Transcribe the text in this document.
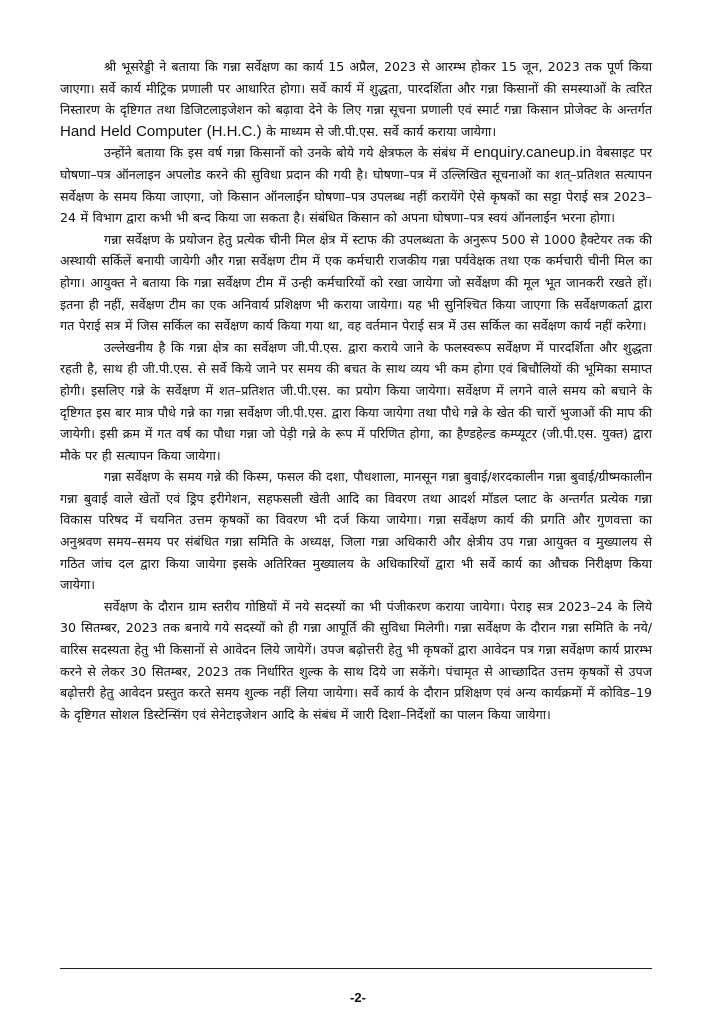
श्री भूसरेड्डी ने बताया कि गन्ना सर्वेक्षण का कार्य 15 अप्रैल, 2023 से आरम्भ होकर 15 जून, 2023 तक पूर्ण किया जाएगा। सर्वे कार्य मीट्रिक प्रणाली पर आधारित होगा। सर्वे कार्य में शुद्धता, पारदर्शिता और गन्ना किसानों की समस्याओं के त्वरित निस्तारण के दृष्टिगत तथा डिजिटलाइजेशन को बढ़ावा देने के लिए गन्ना सूचना प्रणाली एवं स्मार्ट गन्ना किसान प्रोजेक्ट के अन्तर्गत Hand Held Computer (H.H.C.) के माध्यम से जी.पी.एस. सर्वे कार्य कराया जायेगा।

उन्होंने बताया कि इस वर्ष गन्ना किसानों को उनके बोये गये क्षेत्रफल के संबंध में enquiry.caneup.in वेबसाइट पर घोषणा–पत्र ऑनलाइन अपलोड करने की सुविधा प्रदान की गयी है। घोषणा–पत्र में उल्लिखित सूचनाओं का शत्–प्रतिशत सत्यापन सर्वेक्षण के समय किया जाएगा, जो किसान ऑनलाईन घोषणा–पत्र उपलब्ध नहीं करायेंगे ऐसे कृषकों का सट्टा पेराई सत्र 2023–24 में विभाग द्वारा कभी भी बन्द किया जा सकता है। संबंधित किसान को अपना घोषणा–पत्र स्वयं ऑनलाईन भरना होगा।

गन्ना सर्वेक्षण के प्रयोजन हेतु प्रत्येक चीनी मिल क्षेत्र में स्टाफ की उपलब्धता के अनुरूप 500 से 1000 हैक्टेयर तक की अस्थायी सर्किलें बनायी जायेगी और गन्ना सर्वेक्षण टीम में एक कर्मचारी राजकीय गन्ना पर्यवेक्षक तथा एक कर्मचारी चीनी मिल का होगा। आयुक्त ने बताया कि गन्ना सर्वेक्षण टीम में उन्ही कर्मचारियों को रखा जायेगा जो सर्वेक्षण की मूल भूत जानकरी रखते हों। इतना ही नहीं, सर्वेक्षण टीम का एक अनिवार्य प्रशिक्षण भी कराया जायेगा। यह भी सुनिश्चित किया जाएगा कि सर्वेक्षणकर्ता द्वारा गत पेराई सत्र में जिस सर्किल का सर्वेक्षण कार्य किया गया था, वह वर्तमान पेराई सत्र में उस सर्किल का सर्वेक्षण कार्य नहीं करेगा।

उल्लेखनीय है कि गन्ना क्षेत्र का सर्वेक्षण जी.पी.एस. द्वारा कराये जाने के फलस्वरूप सर्वेक्षण में पारदर्शिता और शुद्धता रहती है, साथ ही जी.पी.एस. से सर्वे किये जाने पर समय की बचत के साथ व्यय भी कम होगा एवं बिचौलियों की भूमिका समाप्त होगी। इसलिए गन्ने के सर्वेक्षण में शत–प्रतिशत जी.पी.एस. का प्रयोग किया जायेगा। सर्वेक्षण में लगने वाले समय को बचाने के दृष्टिगत इस बार मात्र पौधे गन्ने का गन्ना सर्वेक्षण जी.पी.एस. द्वारा किया जायेगा तथा पौधे गन्ने के खेत की चारों भुजाओं की माप की जायेगी। इसी क्रम में गत वर्ष का पौधा गन्ना जो पेड़ी गन्ने के रूप में परिणित होगा, का हैण्डहेल्ड कम्प्यूटर (जी.पी.एस. युक्त) द्वारा मौके पर ही सत्यापन किया जायेगा।

गन्ना सर्वेक्षण के समय गन्ने की किस्म, फसल की दशा, पौधशाला, मानसून गन्ना बुवाई/शरदकालीन गन्ना बुवाई/ग्रीष्मकालीन गन्ना बुवाई वाले खेतों एवं ड्रिप इरीगेशन, सहफसली खेती आदि का विवरण तथा आदर्श मॉडल प्लाट के अन्तर्गत प्रत्येक गन्ना विकास परिषद में चयनित उत्तम कृषकों का विवरण भी दर्ज किया जायेगा। गन्ना सर्वेक्षण कार्य की प्रगति और गुणवत्ता का अनुश्रवण समय–समय पर संबंधित गन्ना समिति के अध्यक्ष, जिला गन्ना अधिकारी और क्षेत्रीय उप गन्ना आयुक्त व मुख्यालय से गठित जांच दल द्वारा किया जायेगा इसके अतिरिक्त मुख्यालय के अधिकारियों द्वारा भी सर्वे कार्य का औचक निरीक्षण किया जायेगा।

सर्वेक्षण के दौरान ग्राम स्तरीय गोष्ठियों में नये सदस्यों का भी पंजीकरण कराया जायेगा। पेराइ सत्र 2023–24 के लिये 30 सितम्बर, 2023 तक बनाये गये सदस्यों को ही गन्ना आपूर्ति की सुविधा मिलेगी। गन्ना सर्वेक्षण के दौरान गन्ना समिति के नये/वारिस सदस्यता हेतु भी किसानों से आवेदन लिये जायेगें। उपज बढ़ोत्तरी हेतु भी कृषकों द्वारा आवेदन पत्र गन्ना सर्वेक्षण कार्य प्रारम्भ करने से लेकर 30 सितम्बर, 2023 तक निर्धारित शुल्क के साथ दिये जा सकेंगे। पंचामृत से आच्छादित उत्तम कृषकों से उपज बढ़ोत्तरी हेतु आवेदन प्रस्तुत करते समय शुल्क नहीं लिया जायेगा। सर्वे कार्य के दौरान प्रशिक्षण एवं अन्य कार्यक्रमों में कोविड–19 के दृष्टिगत सोशल डिस्टेन्सिंग एवं सेनेटाइजेशन आदि के संबंध में जारी दिशा–निर्देशों का पालन किया जायेगा।

-2-
